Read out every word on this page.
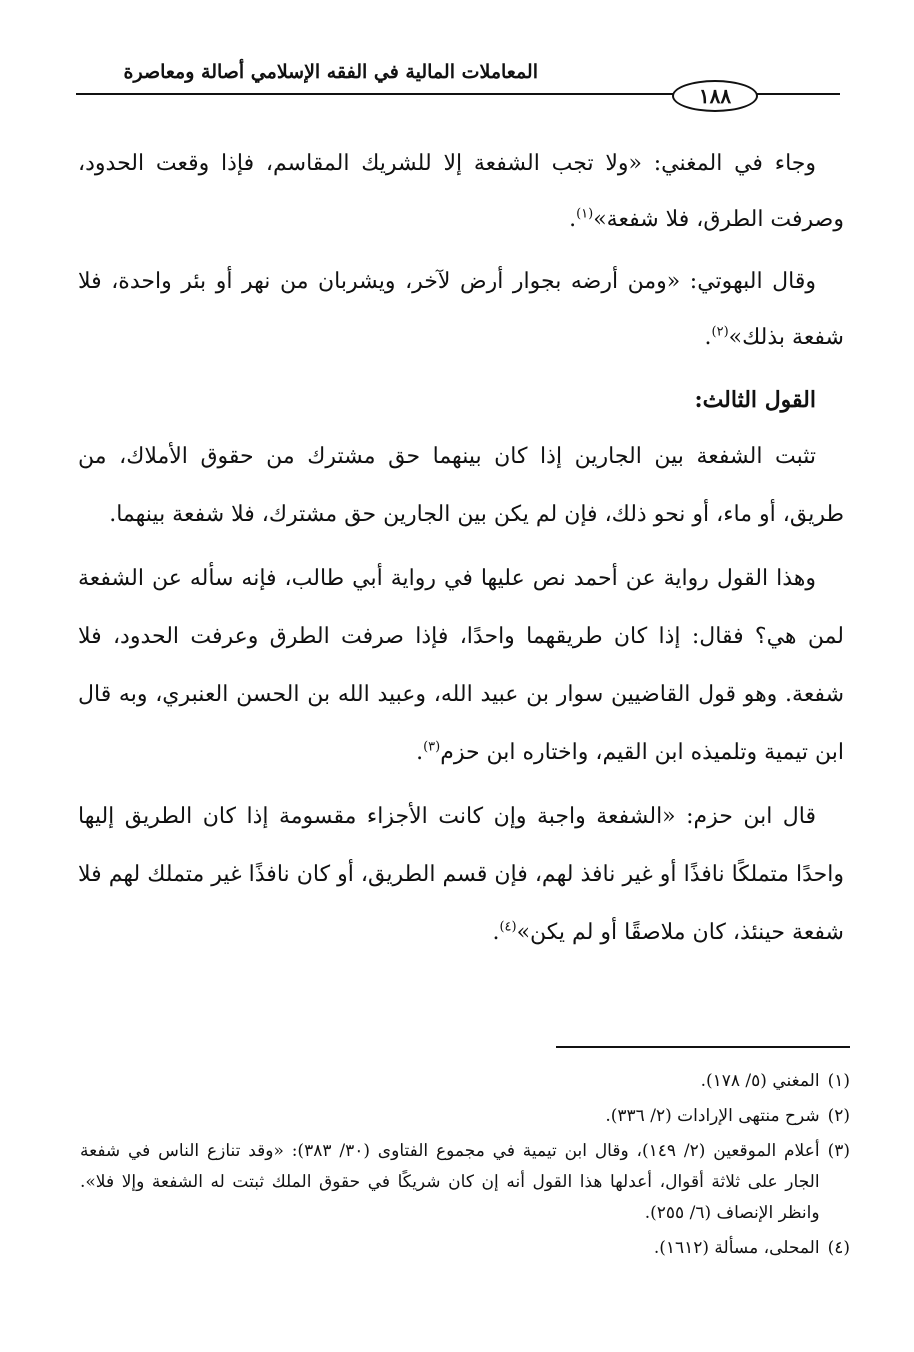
المعاملات المالية في الفقه الإسلامي أصالة ومعاصرة
١٨٨

وجاء في المغني: «ولا تجب الشفعة إلا للشريك المقاسم، فإذا وقعت الحدود، وصرفت الطرق، فلا شفعة»$^{(١)}$.

وقال البهوتي: «ومن أرضه بجوار أرض لآخر، ويشربان من نهر أو بئر واحدة، فلا شفعة بذلك»$^{(٢)}$.

القول الثالث:

تثبت الشفعة بين الجارين إذا كان بينهما حق مشترك من حقوق الأملاك، من طريق، أو ماء، أو نحو ذلك، فإن لم يكن بين الجارين حق مشترك، فلا شفعة بينهما.

وهذا القول رواية عن أحمد نص عليها في رواية أبي طالب، فإنه سأله عن الشفعة لمن هي؟ فقال: إذا كان طريقهما واحدًا، فإذا صرفت الطرق وعرفت الحدود، فلا شفعة. وهو قول القاضيين سوار بن عبيد الله، وعبيد الله بن الحسن العنبري، وبه قال ابن تيمية وتلميذه ابن القيم، واختاره ابن حزم$^{(٣)}$.

قال ابن حزم: «الشفعة واجبة وإن كانت الأجزاء مقسومة إذا كان الطريق إليها واحدًا متملكًا نافذًا أو غير نافذ لهم، فإن قسم الطريق، أو كان نافذًا غير متملك لهم فلا شفعة حينئذ، كان ملاصقًا أو لم يكن»$^{(٤)}$.

(١)
المغني (٥/ ١٧٨).
(٢)
شرح منتهى الإرادات (٢/ ٣٣٦).
(٣)
أعلام الموقعين (٢/ ١٤٩)، وقال ابن تيمية في مجموع الفتاوى (٣٠/ ٣٨٣): «وقد تنازع الناس في شفعة الجار على ثلاثة أقوال، أعدلها هذا القول أنه إن كان شريكًا في حقوق الملك ثبتت له الشفعة وإلا فلا». وانظر الإنصاف (٦/ ٢٥٥).
(٤)
المحلى، مسألة (١٦١٢).
